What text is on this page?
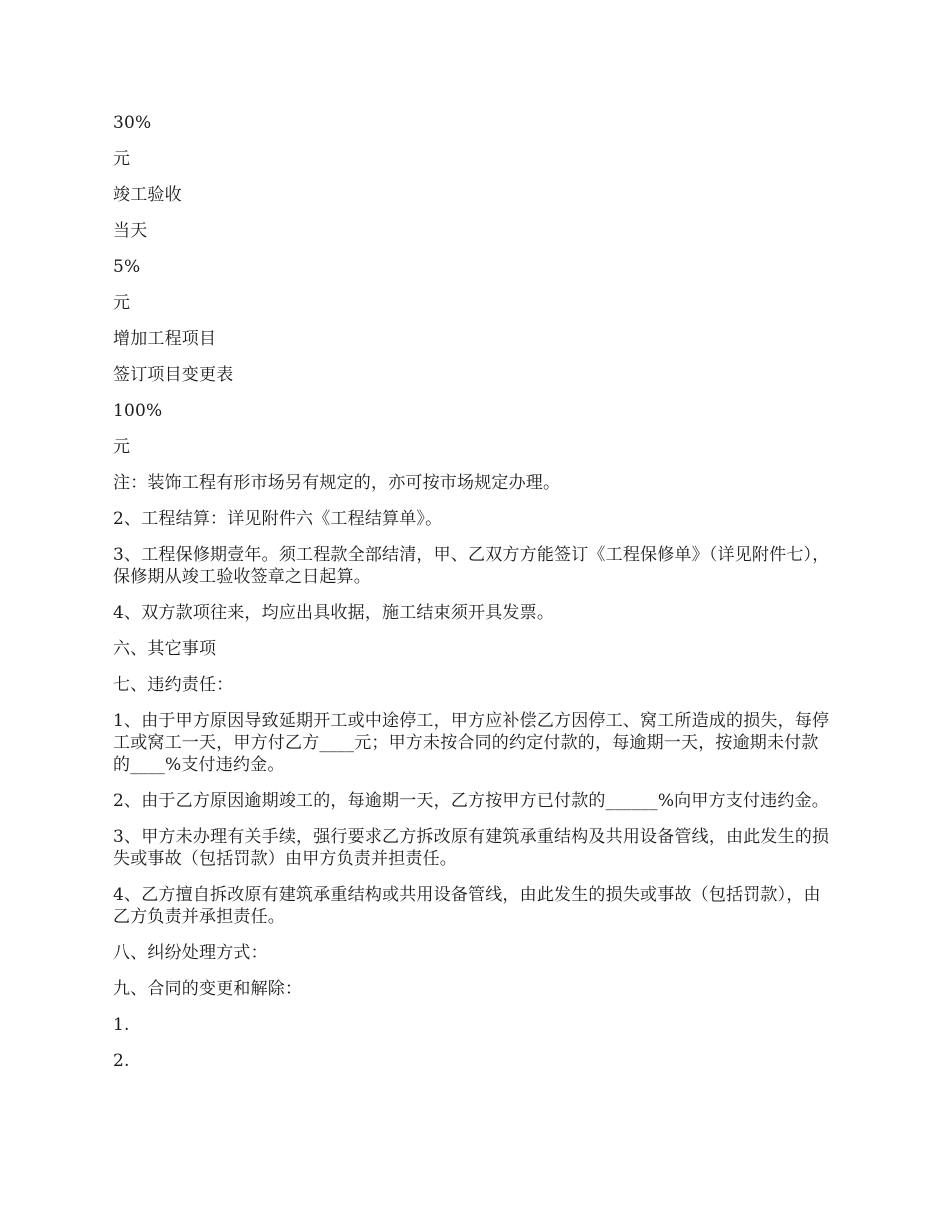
30%

元

竣工验收

当天

5%

元

增加工程项目

签订项目变更表

100%

元

注：装饰工程有形市场另有规定的，亦可按市场规定办理。

2、工程结算：详见附件六《工程结算单》。

3、工程保修期壹年。须工程款全部结清，甲、乙双方方能签订《工程保修单》（详见附件七），保修期从竣工验收签章之日起算。

4、双方款项往来，均应出具收据，施工结束须开具发票。

六、其它事项

七、违约责任：

1、由于甲方原因导致延期开工或中途停工，甲方应补偿乙方因停工、窝工所造成的损失，每停工或窝工一天，甲方付乙方____元；甲方未按合同的约定付款的，每逾期一天，按逾期未付款的____%支付违约金。

2、由于乙方原因逾期竣工的，每逾期一天，乙方按甲方已付款的______%向甲方支付违约金。

3、甲方未办理有关手续，强行要求乙方拆改原有建筑承重结构及共用设备管线，由此发生的损失或事故（包括罚款）由甲方负责并担责任。

4、乙方擅自拆改原有建筑承重结构或共用设备管线，由此发生的损失或事故（包括罚款），由乙方负责并承担责任。

八、纠纷处理方式：

九、合同的变更和解除：

1.

2.
